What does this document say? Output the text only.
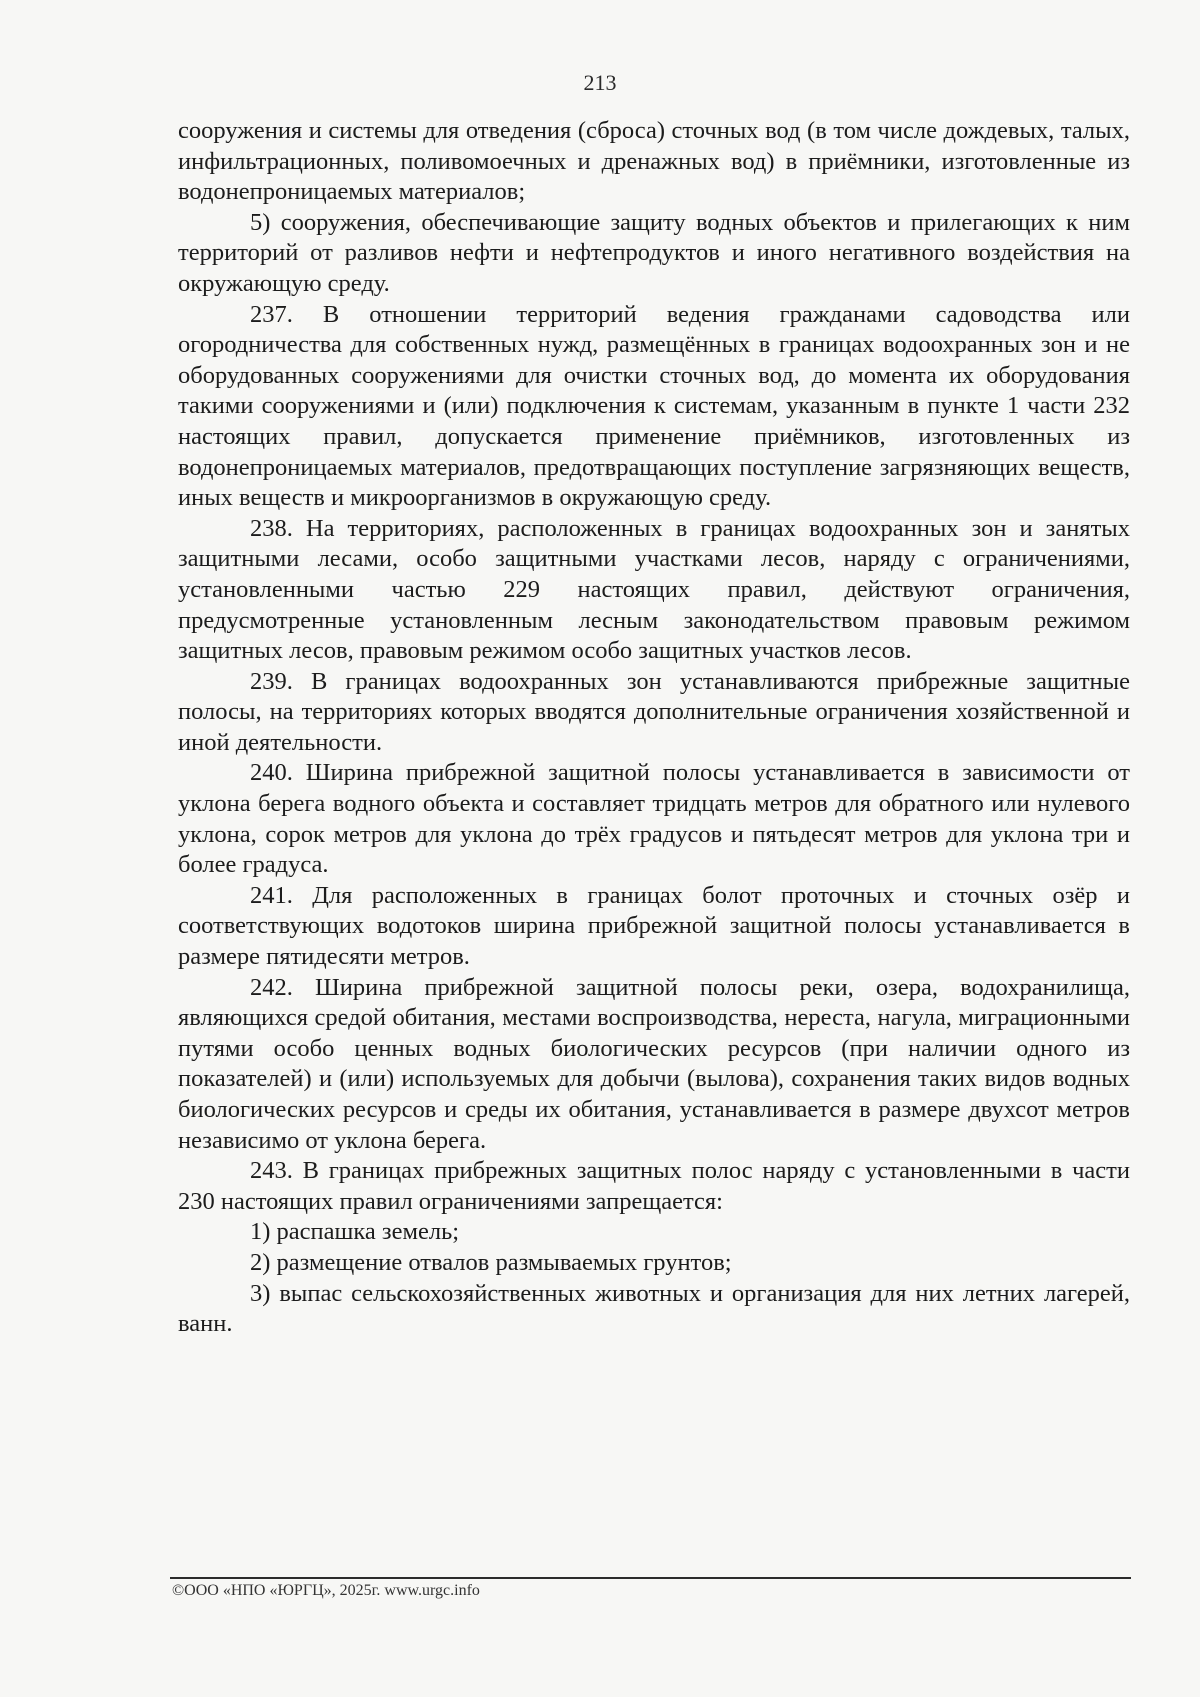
213

сооружения и системы для отведения (сброса) сточных вод (в том числе дождевых, талых, инфильтрационных, поливомоечных и дренажных вод) в приёмники, изготовленные из водонепроницаемых материалов;

5) сооружения, обеспечивающие защиту водных объектов и прилегающих к ним территорий от разливов нефти и нефтепродуктов и иного негативного воздействия на окружающую среду.

237. В отношении территорий ведения гражданами садоводства или огородничества для собственных нужд, размещённых в границах водоохранных зон и не оборудованных сооружениями для очистки сточных вод, до момента их оборудования такими сооружениями и (или) подключения к системам, указанным в пункте 1 части 232 настоящих правил, допускается применение приёмников, изготовленных из водонепроницаемых материалов, предотвращающих поступление загрязняющих веществ, иных веществ и микроорганизмов в окружающую среду.

238. На территориях, расположенных в границах водоохранных зон и занятых защитными лесами, особо защитными участками лесов, наряду с ограничениями, установленными частью 229 настоящих правил, действуют ограничения, предусмотренные установленным лесным законодательством правовым режимом защитных лесов, правовым режимом особо защитных участков лесов.

239. В границах водоохранных зон устанавливаются прибрежные защитные полосы, на территориях которых вводятся дополнительные ограничения хозяйственной и иной деятельности.

240. Ширина прибрежной защитной полосы устанавливается в зависимости от уклона берега водного объекта и составляет тридцать метров для обратного или нулевого уклона, сорок метров для уклона до трёх градусов и пятьдесят метров для уклона три и более градуса.

241. Для расположенных в границах болот проточных и сточных озёр и соответствующих водотоков ширина прибрежной защитной полосы устанавливается в размере пятидесяти метров.

242. Ширина прибрежной защитной полосы реки, озера, водохранилища, являющихся средой обитания, местами воспроизводства, нереста, нагула, миграционными путями особо ценных водных биологических ресурсов (при наличии одного из показателей) и (или) используемых для добычи (вылова), сохранения таких видов водных биологических ресурсов и среды их обитания, устанавливается в размере двухсот метров независимо от уклона берега.

243. В границах прибрежных защитных полос наряду с установленными в части 230 настоящих правил ограничениями запрещается:

1) распашка земель;

2) размещение отвалов размываемых грунтов;

3) выпас сельскохозяйственных животных и организация для них летних лагерей, ванн.

©ООО «НПО «ЮРГЦ», 2025г. www.urgc.info
